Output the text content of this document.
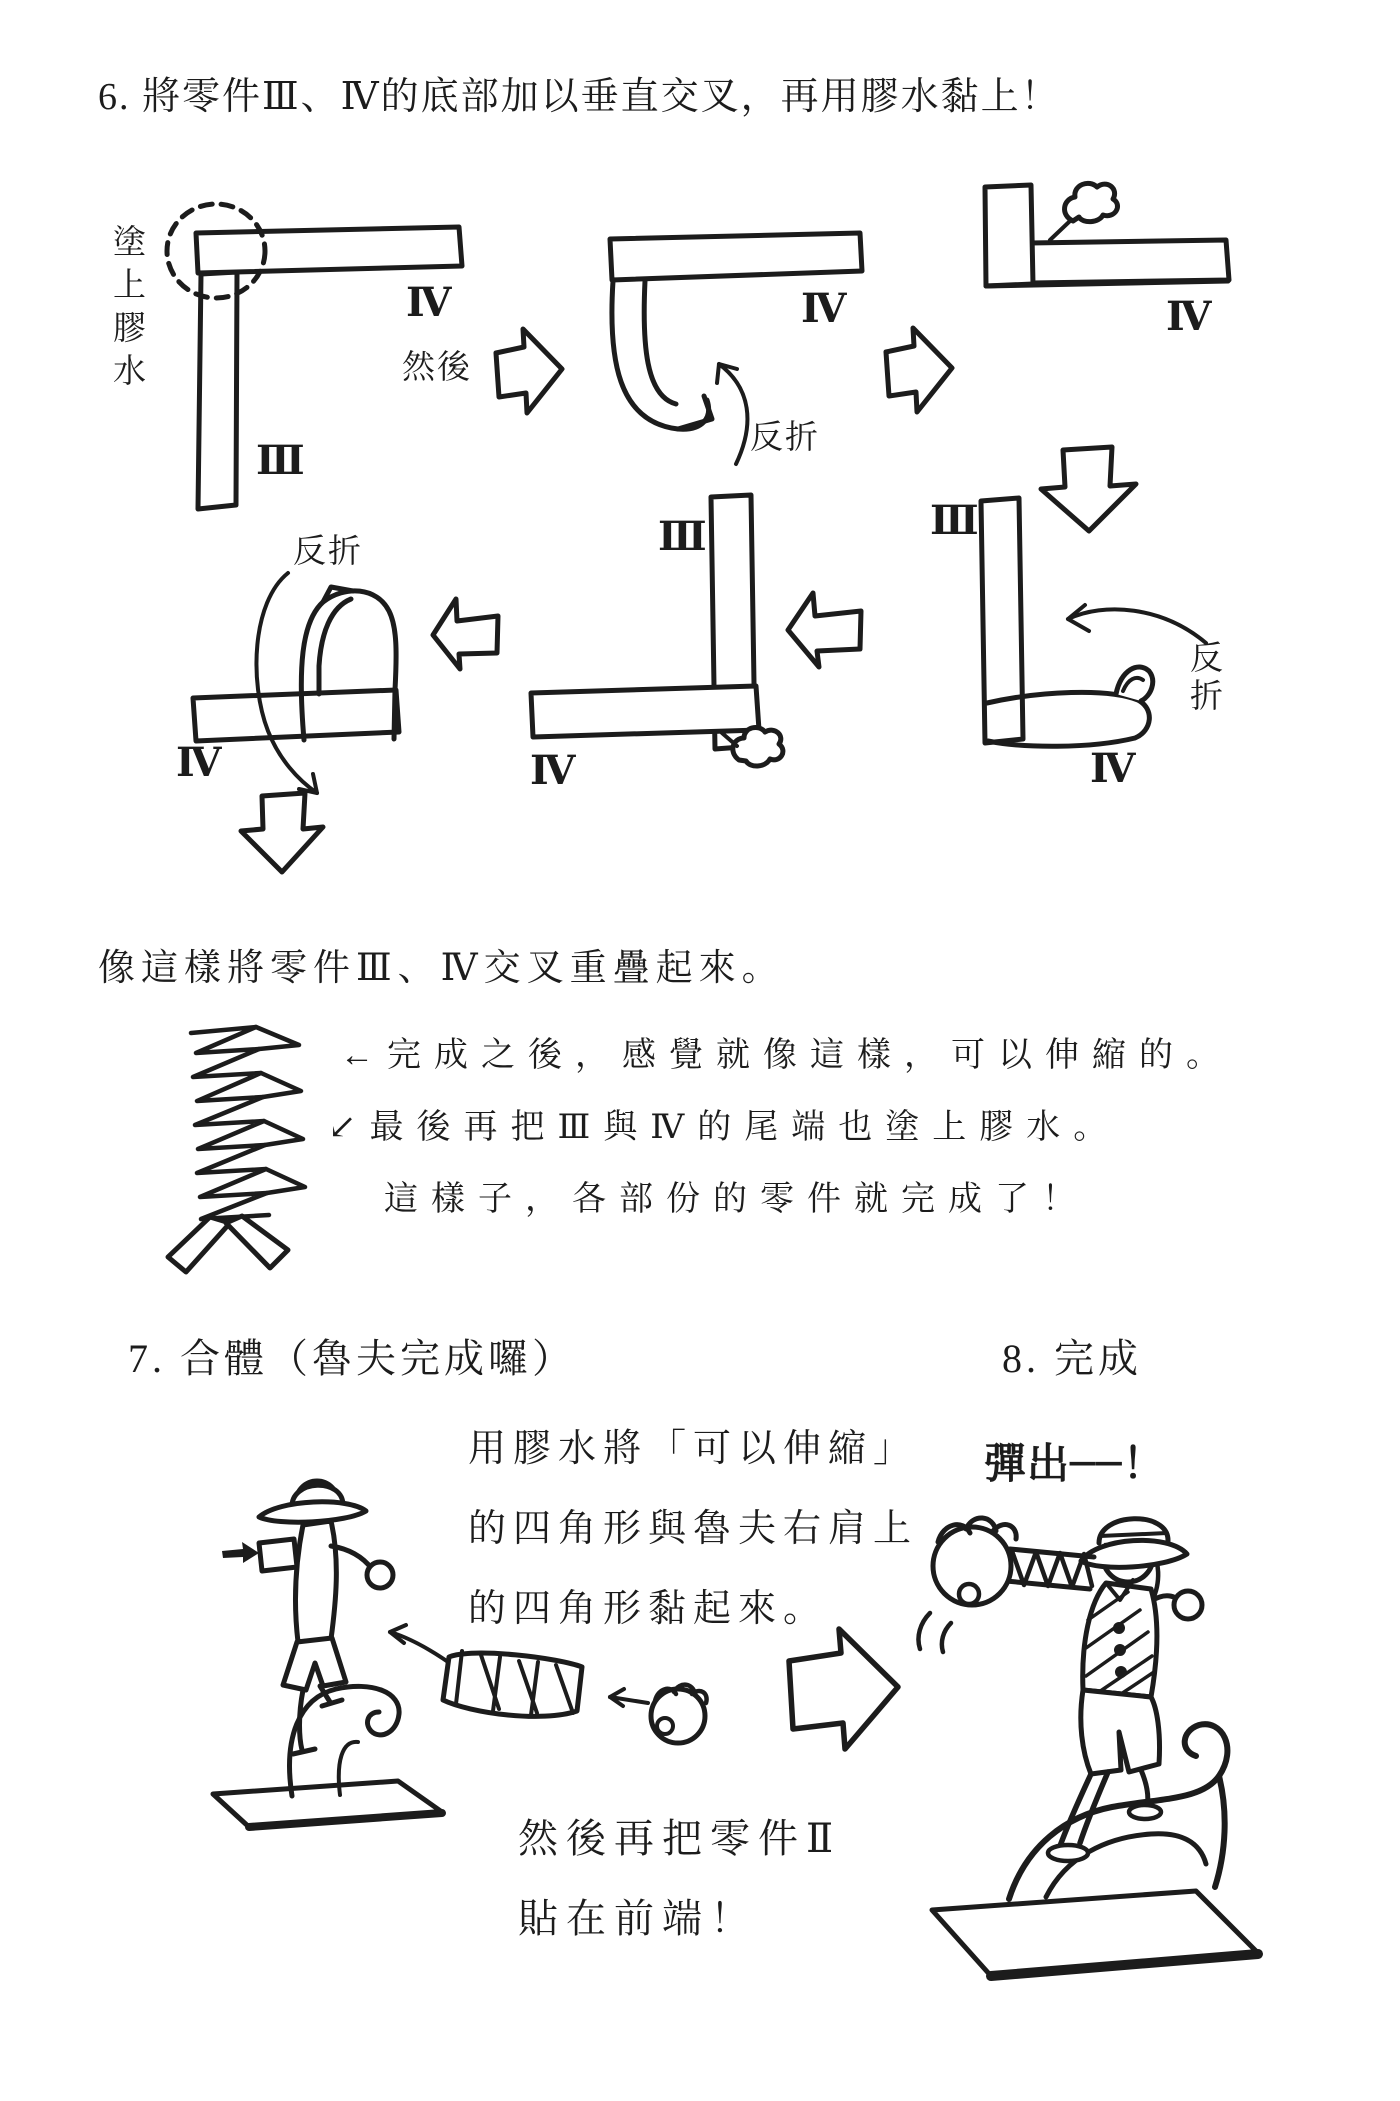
6. 將零件Ⅲ、Ⅳ的底部加以垂直交叉，再用膠水黏上！
塗上膠水	Ⅳ
然後
Ⅲ	反折
Ⅳ	Ⅳ
Ⅲ
反折
Ⅳ
Ⅲ
Ⅳ
反折
Ⅳ
像這樣將零件Ⅲ、Ⅳ交叉重疊起來。
←完成之後，感覺就像這樣，可以伸縮的。
↙最後再把Ⅲ與Ⅳ的尾端也塗上膠水。
這樣子，各部份的零件就完成了！
7. 合體（魯夫完成囉）	8. 完成
用膠水將「可以伸縮」
的四角形與魯夫右肩上
的四角形黏起來。
彈出──！
然後再把零件Ⅱ
貼在前端！
